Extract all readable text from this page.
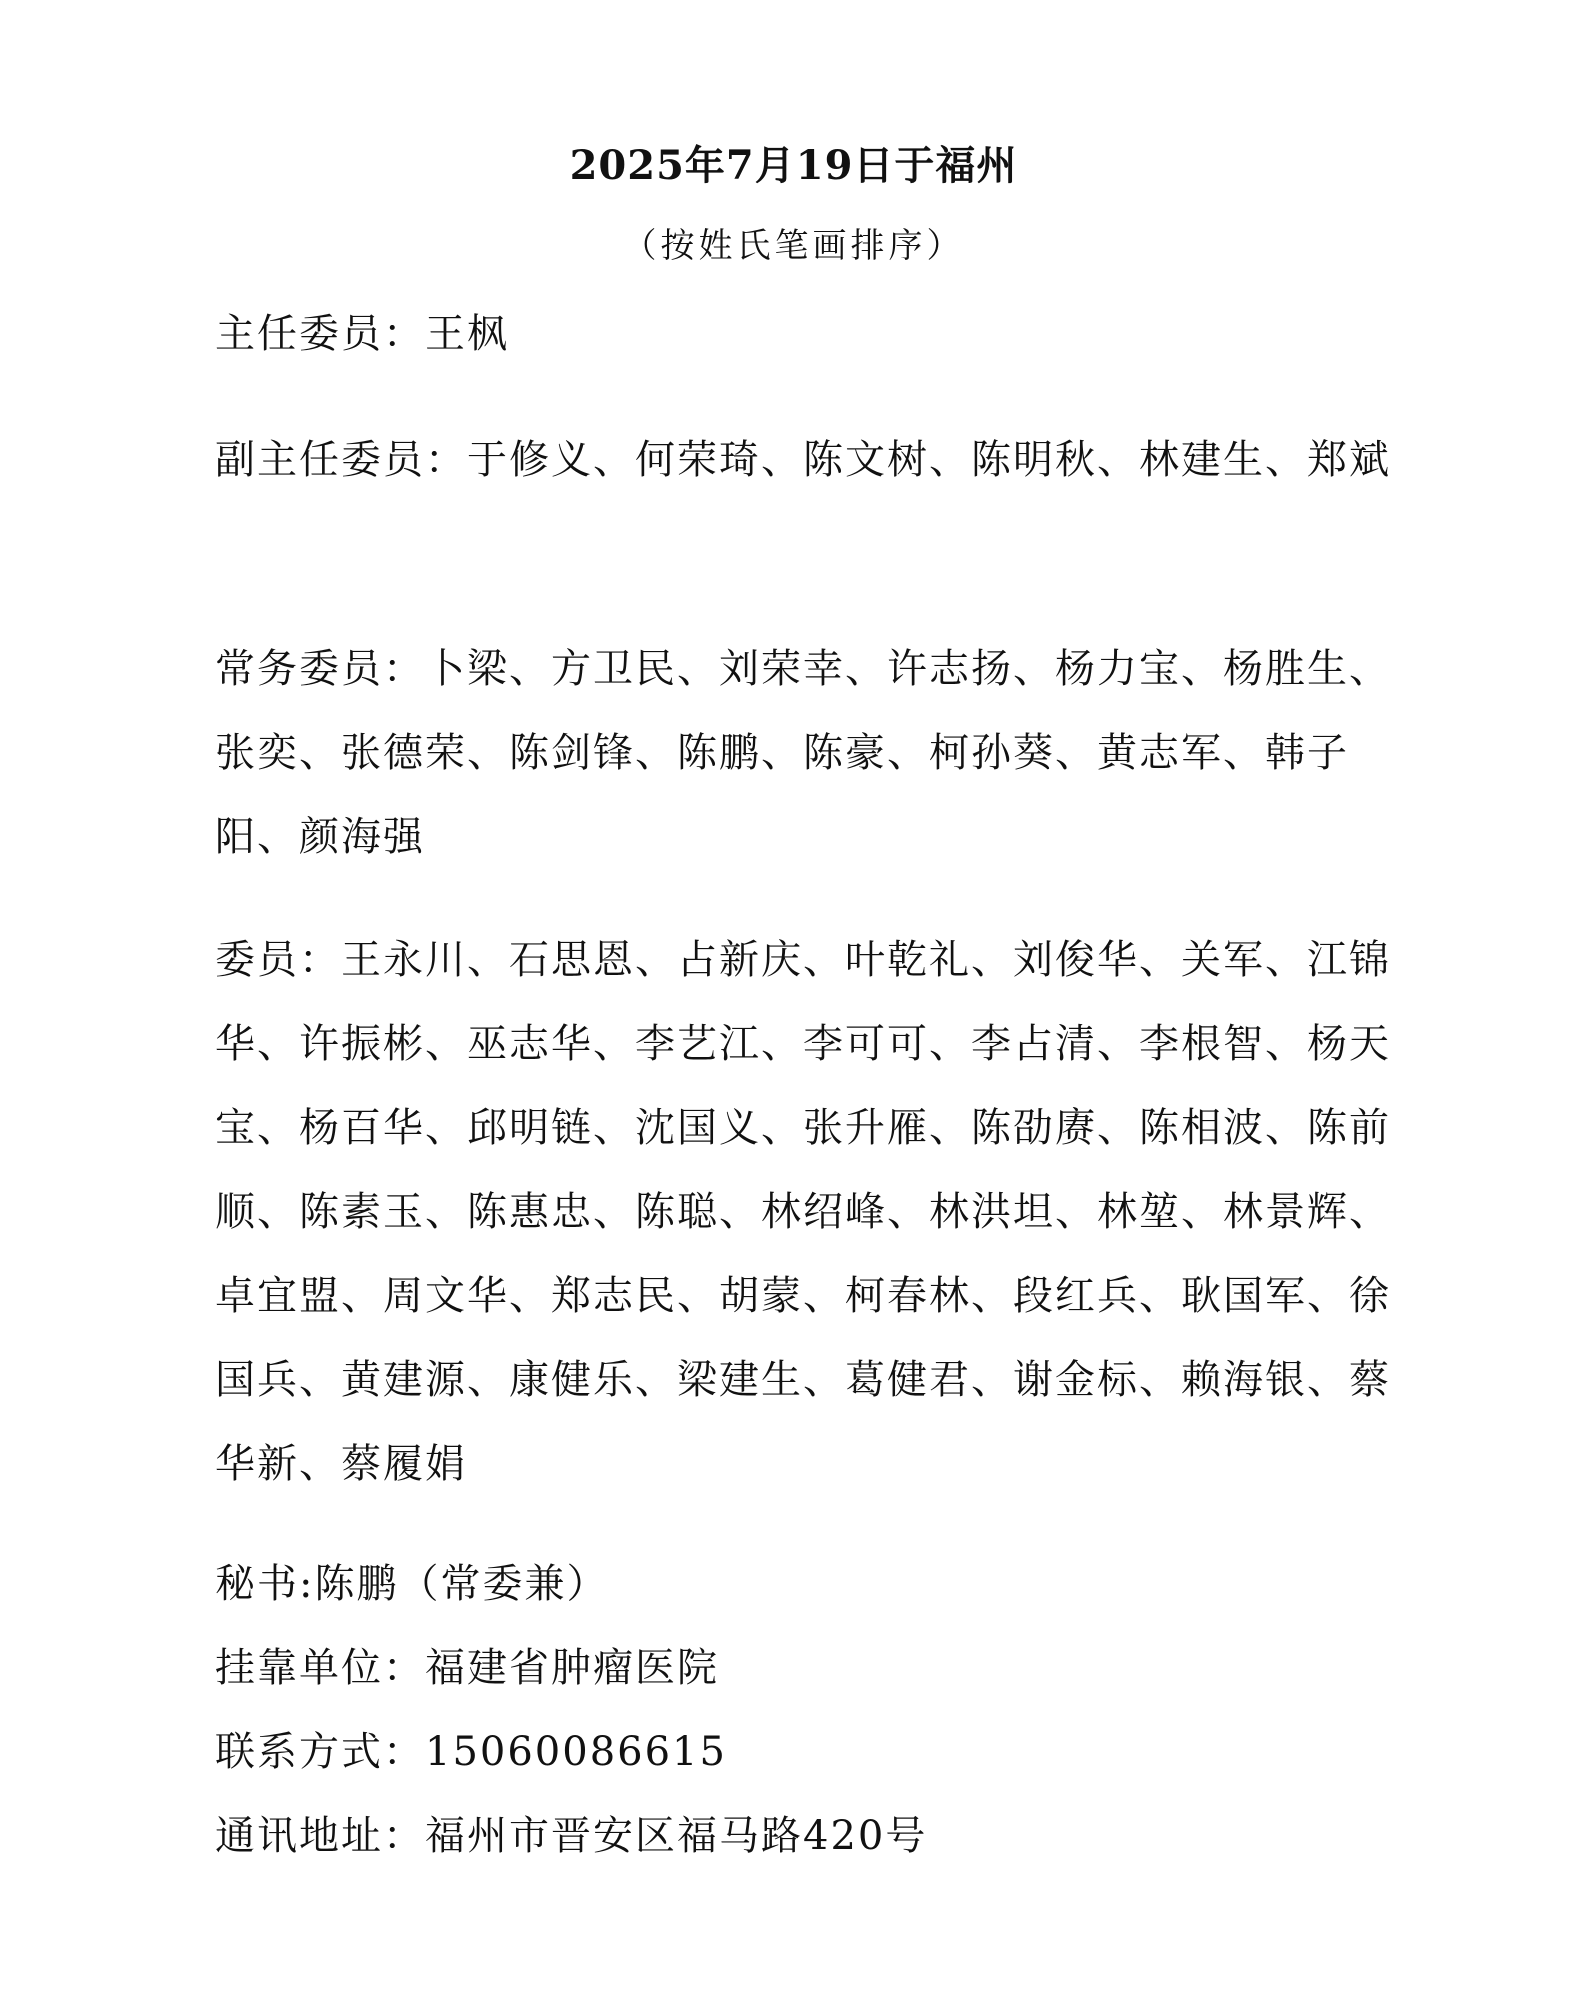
2025年7月19日于福州
（按姓氏笔画排序）

主任委员：王枫

副主任委员：于修义、何荣琦、陈文树、陈明秋、林建生、郑斌

常务委员：卜梁、方卫民、刘荣幸、许志扬、杨力宝、杨胜生、张奕、张德荣、陈剑锋、陈鹏、陈豪、柯孙葵、黄志军、韩子阳、颜海强

委员：王永川、石思恩、占新庆、叶乾礼、刘俊华、关军、江锦华、许振彬、巫志华、李艺江、李可可、李占清、李根智、杨天宝、杨百华、邱明链、沈国义、张升雁、陈劭赓、陈相波、陈前顺、陈素玉、陈惠忠、陈聪、林绍峰、林洪坦、林堃、林景辉、卓宜盟、周文华、郑志民、胡蒙、柯春林、段红兵、耿国军、徐国兵、黄建源、康健乐、梁建生、葛健君、谢金标、赖海银、蔡华新、蔡履娟

秘书:陈鹏（常委兼）

挂靠单位：福建省肿瘤医院

联系方式：15060086615

通讯地址：福州市晋安区福马路420号
